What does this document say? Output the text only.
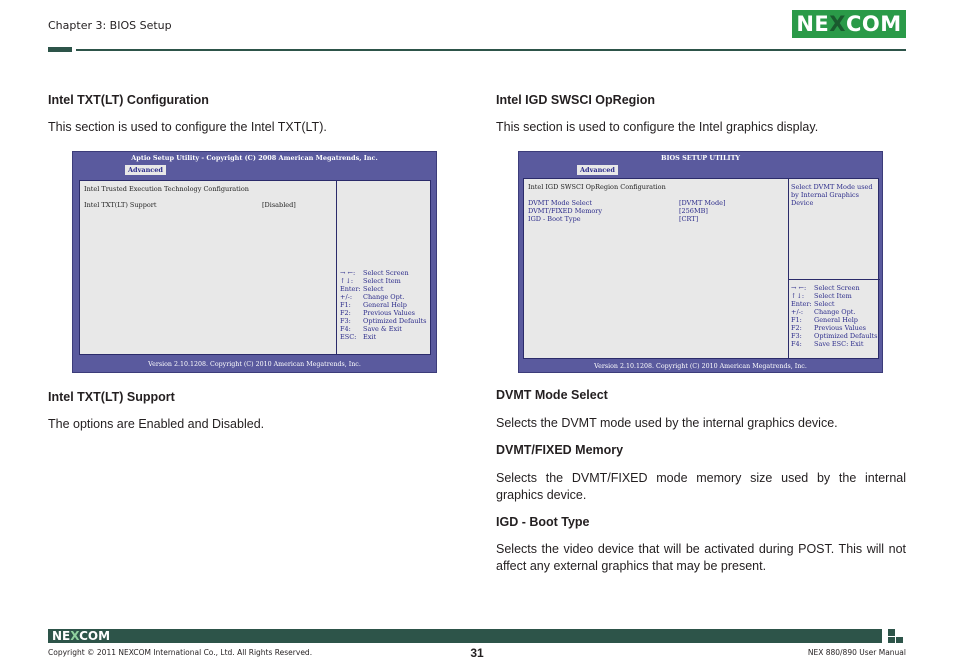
Chapter 3: BIOS Setup	NE X COM
Intel TXT(LT) Configuration
This section is used to configure the Intel TXT(LT).
Aptio Setup Utility - Copyright (C) 2008 American Megatrends, Inc.
Advanced
Intel Trusted Execution Technology Configuration
Intel TXT(LT) Support	[Disabled]
→ ←: Select Screen
↑↓: Select Item
Enter: Select
+/-: Change Opt.
F1: General Help
F2: Previous Values
F3: Optimized Defaults
F4: Save & Exit
ESC: Exit
Version 2.10.1208. Copyright (C) 2010 American Megatrends, Inc.
Intel TXT(LT) Support
The options are Enabled and Disabled.
Intel IGD SWSCI OpRegion
This section is used to configure the Intel graphics display.
BIOS SETUP UTILITY
Advanced
Intel IGD SWSCI OpRegion Configuration
DVMT Mode Select	[DVMT Mode]
DVMT/FIXED Memory	[256MB]
IGD - Boot Type	[CRT]
Select DVMT Mode used
by Internal Graphics
Device
→ ←: Select Screen
↑↓: Select Item
Enter: Select
+/-: Change Opt.
F1: General Help
F2: Previous Values
F3: Optimized Defaults
F4: Save ESC: Exit
Version 2.10.1208. Copyright (C) 2010 American Megatrends, Inc.
DVMT Mode Select
Selects the DVMT mode used by the internal graphics device.
DVMT/FIXED Memory
Selects the DVMT/FIXED mode memory size used by the internal graphics device.
IGD - Boot Type
Selects the video device that will be activated during POST. This will not affect any external graphics that may be present.
NEXCOM
Copyright © 2011 NEXCOM International Co., Ltd. All Rights Reserved.	31	NEX 880/890 User Manual
